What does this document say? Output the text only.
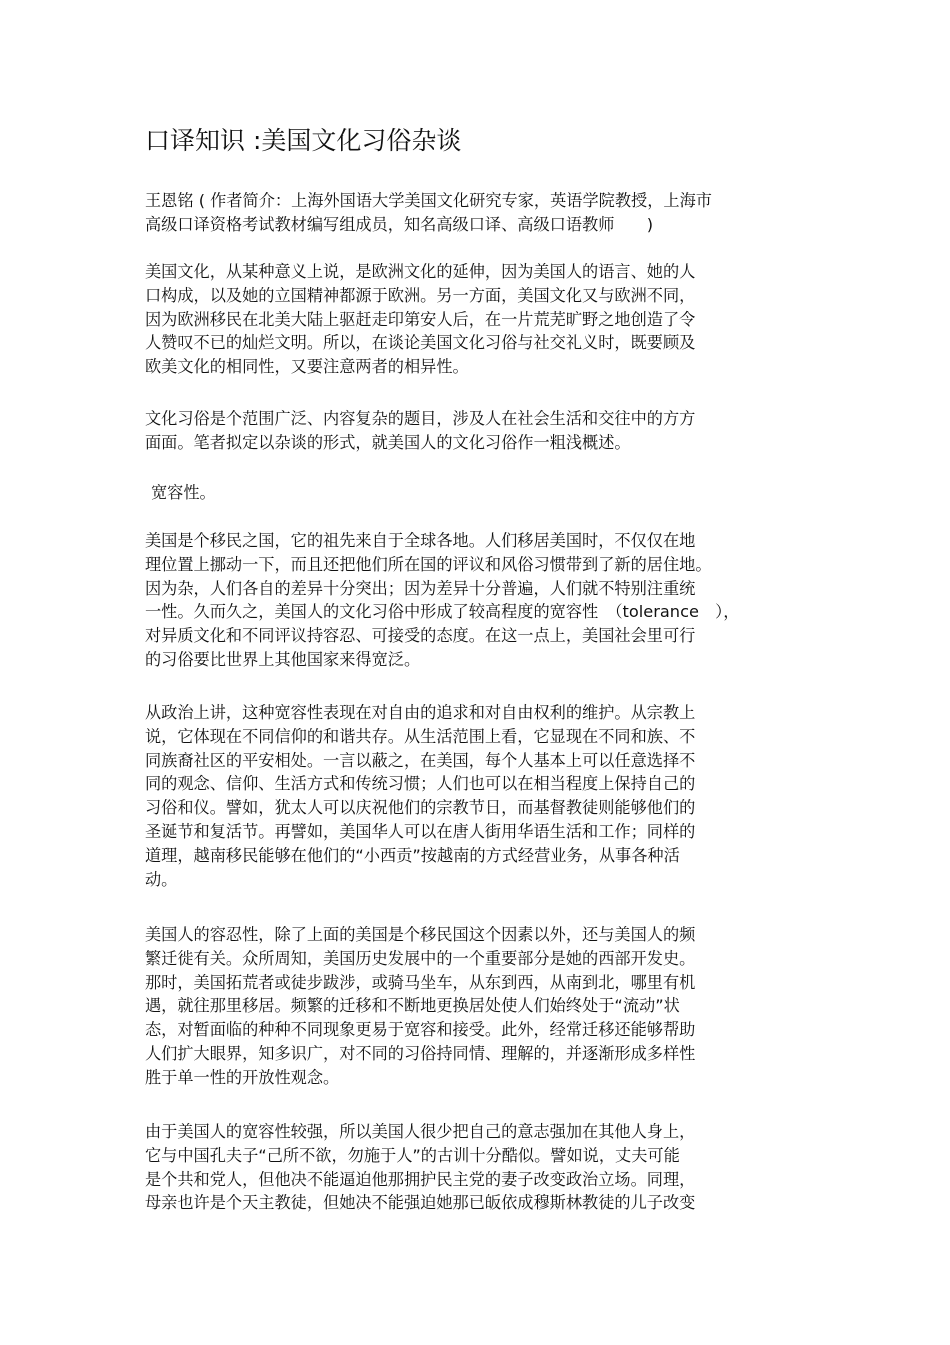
口译知识 :美国文化习俗杂谈

王恩铭 ( 作者简介：上海外国语大学美国文化研究专家，英语学院教授，上海市
高级口译资格考试教材编写组成员，知名高级口译、高级口语教师　　)

美国文化，从某种意义上说，是欧洲文化的延伸，因为美国人的语言、她的人
口构成，以及她的立国精神都源于欧洲。另一方面，美国文化又与欧洲不同，
因为欧洲移民在北美大陆上驱赶走印第安人后，在一片荒芜旷野之地创造了令
人赞叹不已的灿烂文明。所以，在谈论美国文化习俗与社交礼义时，既要顾及
欧美文化的相同性，又要注意两者的相异性。

文化习俗是个范围广泛、内容复杂的题目，涉及人在社会生活和交往中的方方
面面。笔者拟定以杂谈的形式，就美国人的文化习俗作一粗浅概述。

宽容性。

美国是个移民之国，它的祖先来自于全球各地。人们移居美国时，不仅仅在地
理位置上挪动一下，而且还把他们所在国的评议和风俗习惯带到了新的居住地。
因为杂，人们各自的差异十分突出；因为差异十分普遍，人们就不特别注重统
一性。久而久之，美国人的文化习俗中形成了较高程度的宽容性　（tolerance　），
对异质文化和不同评议持容忍、可接受的态度。在这一点上，美国社会里可行
的习俗要比世界上其他国家来得宽泛。

从政治上讲，这种宽容性表现在对自由的追求和对自由权利的维护。从宗教上
说，它体现在不同信仰的和谐共存。从生活范围上看，它显现在不同和族、不
同族裔社区的平安相处。一言以蔽之，在美国，每个人基本上可以任意选择不
同的观念、信仰、生活方式和传统习惯；人们也可以在相当程度上保持自己的
习俗和仪。譬如，犹太人可以庆祝他们的宗教节日，而基督教徒则能够他们的
圣诞节和复活节。再譬如，美国华人可以在唐人街用华语生活和工作；同样的
道理，越南移民能够在他们的“小西贡”按越南的方式经营业务，从事各种活
动。

美国人的容忍性，除了上面的美国是个移民国这个因素以外，还与美国人的频
繁迁徙有关。众所周知，美国历史发展中的一个重要部分是她的西部开发史。
那时，美国拓荒者或徒步跋涉，或骑马坐车，从东到西，从南到北，哪里有机
遇，就往那里移居。频繁的迁移和不断地更换居处使人们始终处于“流动”状
态，对暂面临的种种不同现象更易于宽容和接受。此外，经常迁移还能够帮助
人们扩大眼界，知多识广，对不同的习俗持同情、理解的，并逐渐形成多样性
胜于单一性的开放性观念。

由于美国人的宽容性较强，所以美国人很少把自己的意志强加在其他人身上，
它与中国孔夫子“己所不欲，勿施于人”的古训十分酷似。譬如说，丈夫可能
是个共和党人，但他决不能逼迫他那拥护民主党的妻子改变政治立场。同理，
母亲也许是个天主教徒，但她决不能强迫她那已皈依成穆斯林教徒的儿子改变
